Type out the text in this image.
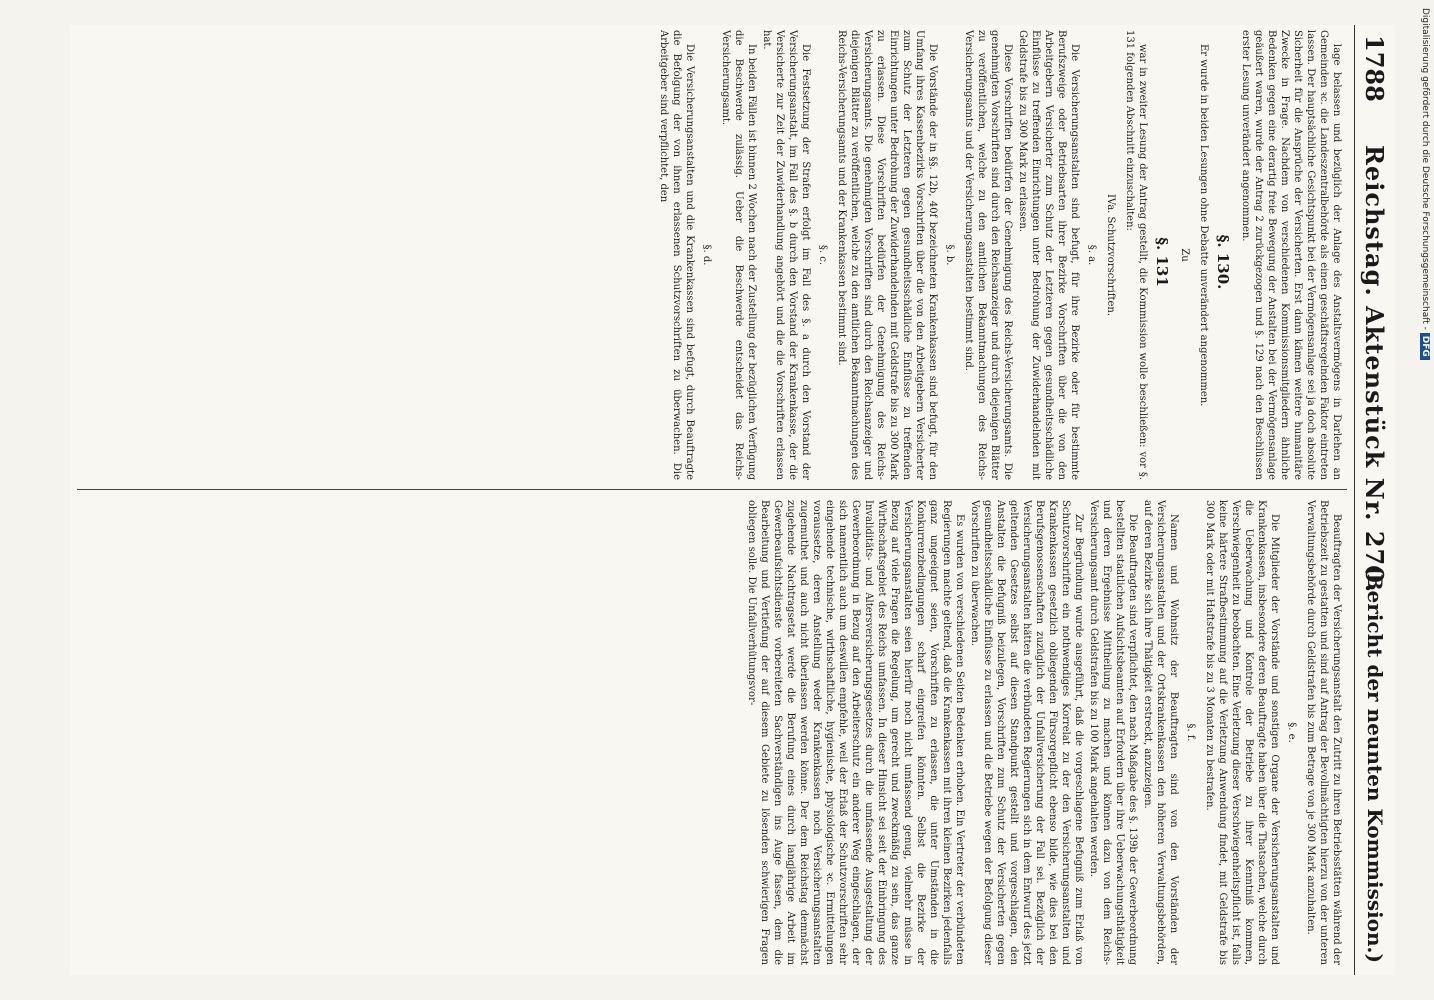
1788
Reichstag. Aktenstück Nr. 270.
(Bericht der neunten Kommission.)

lage belassen und bezüglich der Anlage des Anstaltsvermögens in Darlehen an Gemeinden ꝛc. die Landeszentralbehörde als einen geschäftsregelnden Faktor eintreten lassen. Der hauptsächliche Gesichtspunkt bei der Vermögensanlage sei ja doch absolute Sicherheit für die Ansprüche der Versicherten. Erst dann kämen weitere humanitäre Zwecke in Frage. Nachdem von verschiedenen Kommissionsmitgliedern ähnliche Bedenken gegen eine derartig freie Bewegung der Anstalten bei der Vermögensanlage geäußert waren, wurde der Antrag 2 zurückgezogen und §. 129 nach den Beschlüssen erster Lesung unverändert angenommen.

§. 130.

Er wurde in beiden Lesungen ohne Debatte unverändert angenommen.

Zu

§. 131

war in zweiter Lesung der Antrag gestellt, die Kommission wolle beschließen: vor §. 131 folgenden Abschnitt einzuschalten:

IVa. Schutzvorschriften.

§. a.

Die Versicherungsanstalten sind befugt, für ihre Bezirke oder für bestimmte Berufszweige oder Betriebsarten ihrer Bezirke Vorschriften über die von den Arbeitgebern Versicherter zum Schutz der Letzteren gegen gesundheitsschädliche Einflüsse zu treffenden Einrichtungen unter Bedrohung der Zuwiderhandelnden mit Geldstrafe bis zu 300 Mark zu erlassen.

Diese Vorschriften bedürfen der Genehmigung des Reichs-Versicherungsamts. Die genehmigten Vorschriften sind durch den Reichsanzeiger und durch diejenigen Blätter zu veröffentlichen, welche zu den amtlichen Bekanntmachungen des Reichs-Versicherungsamts und der Versicherungsanstalten bestimmt sind.

§. b.

Die Vorstände der in §§. 12b, 40f bezeichneten Krankenkassen sind befugt, für den Umfang ihres Kassenbezirks Vorschriften über die von den Arbeitgebern Versicherter zum Schutz der Letzteren gegen gesundheitsschädliche Einflüsse zu treffenden Einrichtungen unter Bedrohung der Zuwiderhandelnden mit Geldstrafe bis zu 300 Mark zu erlassen. Diese Vorschriften bedürfen der Genehmigung des Reichs-Versicherungsamts. Die genehmigten Vorschriften sind durch den Reichsanzeiger und diejenigen Blätter zu veröffentlichen, welche zu den amtlichen Bekanntmachungen des Reichs-Versicherungsamts und der Krankenkassen bestimmt sind.

§. c.

Die Festsetzung der Strafen erfolgt im Fall des §. a durch den Vorstand der Versicherungsanstalt, im Fall des §. b durch den Vorstand der Krankenkasse, der die Versicherte zur Zeit der Zuwiderhandlung angehört und die die Vorschriften erlassen hat.

In beiden Fällen ist binnen 2 Wochen nach der Zustellung der bezüglichen Verfügung die Beschwerde zulässig. Ueber die Beschwerde entscheidet das Reichs-Versicherungsamt.

§. d.

Die Versicherungsanstalten und die Krankenkassen sind befugt, durch Beauftragte die Befolgung der von ihnen erlassenen Schutzvorschriften zu überwachen. Die Arbeitgeber sind verpflichtet, den

Beauftragten der Versicherungsanstalt den Zutritt zu ihren Betriebsstätten während der Betriebszeit zu gestatten und sind auf Antrag der Bevollmächtigten hierzu von der unteren Verwaltungsbehörde durch Geldstrafen bis zum Betrage von je 300 Mark anzuhalten.

§. e.

Die Mitglieder der Vorstände und sonstigen Organe der Versicherungsanstalten und Krankenkassen, insbesondere deren Beauftragte haben über die Thatsachen, welche durch die Ueberwachung und Kontrole der Betriebe zu ihrer Kenntniß kommen, Verschwiegenheit zu beobachten. Eine Verletzung dieser Verschwiegenheitspflicht ist, falls keine härtere Strafbestimmung auf die Verletzung Anwendung findet, mit Geldstrafe bis 300 Mark oder mit Haftstrafe bis zu 3 Monaten zu bestrafen.

§. f.

Namen und Wohnsitz der Beauftragten sind von den Vorständen der Versicherungsanstalten und der Ortskrankenkassen den höheren Verwaltungsbehörden, auf deren Bezirke sich ihre Thätigkeit erstreckt, anzuzeigen.

Die Beauftragten sind verpflichtet, den nach Maßgabe des §. 139b der Gewerbeordnung bestellten staatlichen Aufsichtsbeamten auf Erfordern über ihre Ueberwachungsthätigkeit und deren Ergebnisse Mittheilung zu machen und können dazu von dem Reichs-Versicherungsamt durch Geldstrafen bis zu 100 Mark angehalten werden.

Zur Begründung wurde ausgeführt, daß die vorgeschlagene Befugniß zum Erlaß von Schutzvorschriften ein nothwendiges Korrelat zu der den Versicherungsanstalten und Krankenkassen gesetzlich obliegenden Fürsorgepflicht ebenso bilde, wie dies bei den Berufsgenossenschaften zuzüglich der Unfallversicherung der Fall sei. Bezüglich der Versicherungsanstalten hätten die verbündeten Regierungen sich in dem Entwurf des jetzt geltenden Gesetzes selbst auf diesen Standpunkt gestellt und vorgeschlagen, den Anstalten die Befugniß beizulegen, Vorschriften zum Schutz der Versicherten gegen gesundheitsschädliche Einflüsse zu erlassen und die Betriebe wegen der Befolgung dieser Vorschriften zu überwachen.

Es wurden von verschiedenen Seiten Bedenken erhoben. Ein Vertreter der verbündeten Regierungen machte geltend, daß die Krankenkassen mit ihren kleinen Bezirken jedenfalls ganz ungeeignet seien, Vorschriften zu erlassen, die unter Umständen in die Konkurrenzbedingungen scharf eingreifen könnten. Selbst die Bezirke der Versicherungsanstalten seien hierfür noch nicht umfassend genug, vielmehr müsse in Bezug auf viele Fragen die Regelung, um gerecht und zweckmäßig zu sein, das ganze Wirthschaftsgebiet des Reichs umfassen. In dieser Hinsicht sei seit der Einbringung des Invaliditäts- und Altersversicherungsgesetzes durch die umfassende Ausgestaltung der Gewerbeordnung in Bezug auf den Arbeiterschutz ein anderer Weg eingeschlagen, der sich namentlich auch um deswillen empfehle, weil der Erlaß der Schutzvorschriften sehr eingehende technische, wirthschaftliche, hygienische, physiologische ꝛc. Ermittelungen voraussetze, deren Anstellung weder Krankenkassen noch Versicherungsanstalten zugemuthet und auch nicht überlassen werden könne. Der dem Reichstag demnächst zugehende Nachtragsetat werde die Berufung eines durch langjährige Arbeit im Gewerbeaufsichtsdienste vorbereiteten Sachverständigen ins Auge fassen, dem die Bearbeitung und Vertiefung der auf diesem Gebiete zu lösenden schwierigen Fragen obliegen solle. Die Unfallverhütungsvor-

Digitalisierung gefördert durch die Deutsche Forschungsgemeinschaft - DFG
